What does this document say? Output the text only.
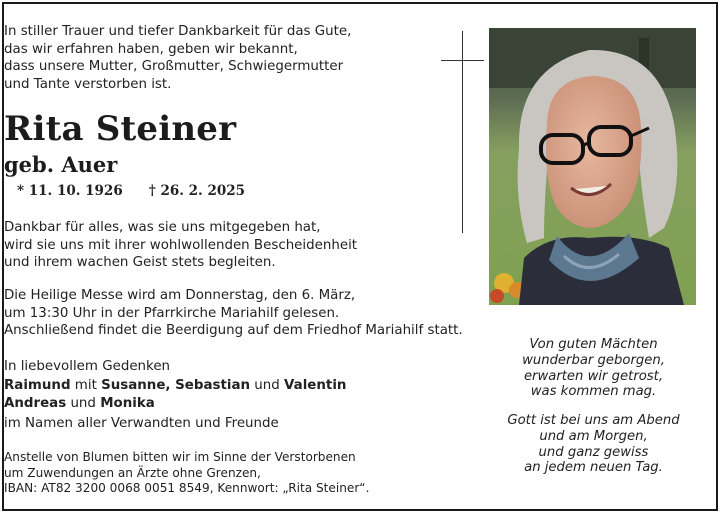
In stiller Trauer und tiefer Dankbarkeit für das Gute,
das wir erfahren haben, geben wir bekannt,
dass unsere Mutter, Großmutter, Schwiegermutter
und Tante verstorben ist.
Rita Steiner
geb. Auer
* 11. 10. 1926 † 26. 2. 2025
Dankbar für alles, was sie uns mitgegeben hat,
wird sie uns mit ihrer wohlwollenden Bescheidenheit
und ihrem wachen Geist stets begleiten.
Die Heilige Messe wird am Donnerstag, den 6. März,
um 13:30 Uhr in der Pfarrkirche Mariahilf gelesen.
Anschließend findet die Beerdigung auf dem Friedhof Mariahilf statt.
In liebevollem Gedenken
Raimund mit Susanne, Sebastian und Valentin
Andreas und Monika
im Namen aller Verwandten und Freunde
Anstelle von Blumen bitten wir im Sinne der Verstorbenen
um Zuwendungen an Ärzte ohne Grenzen,
IBAN: AT82 3200 0068 0051 8549, Kennwort: „Rita Steiner“.
Von guten Mächten
wunderbar geborgen,
erwarten wir getrost,
was kommen mag.
Gott ist bei uns am Abend
und am Morgen,
und ganz gewiss
an jedem neuen Tag.
